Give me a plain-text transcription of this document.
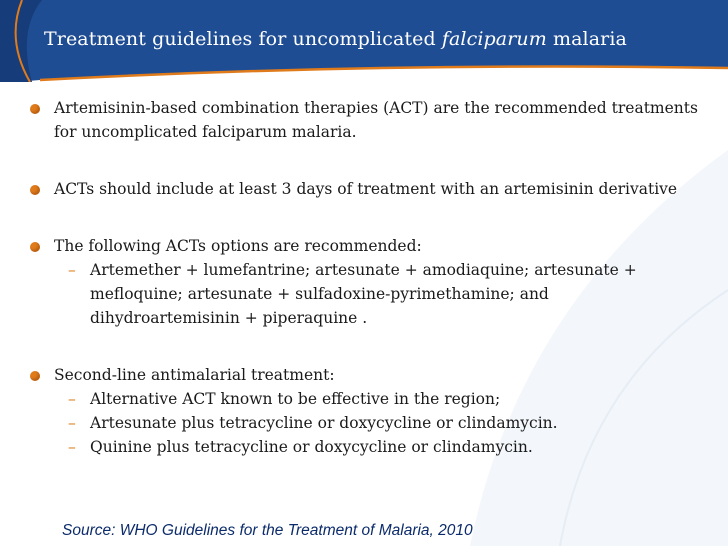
Treatment guidelines for uncomplicated falciparum malaria
Artemisinin-based combination therapies (ACT) are the recommended treatments for uncomplicated falciparum malaria.
ACTs should include at least 3 days of treatment with an artemisinin derivative
The following ACTs options are recommended:
– Artemether + lumefantrine; artesunate + amodiaquine; artesunate + mefloquine; artesunate + sulfadoxine-pyrimethamine; and dihydroartemisinin + piperaquine .
Second-line antimalarial treatment:
– Alternative ACT known to be effective in the region;
– Artesunate plus tetracycline or doxycycline or clindamycin.
– Quinine plus tetracycline or doxycycline or clindamycin.
Source: WHO Guidelines for the Treatment of Malaria, 2010
